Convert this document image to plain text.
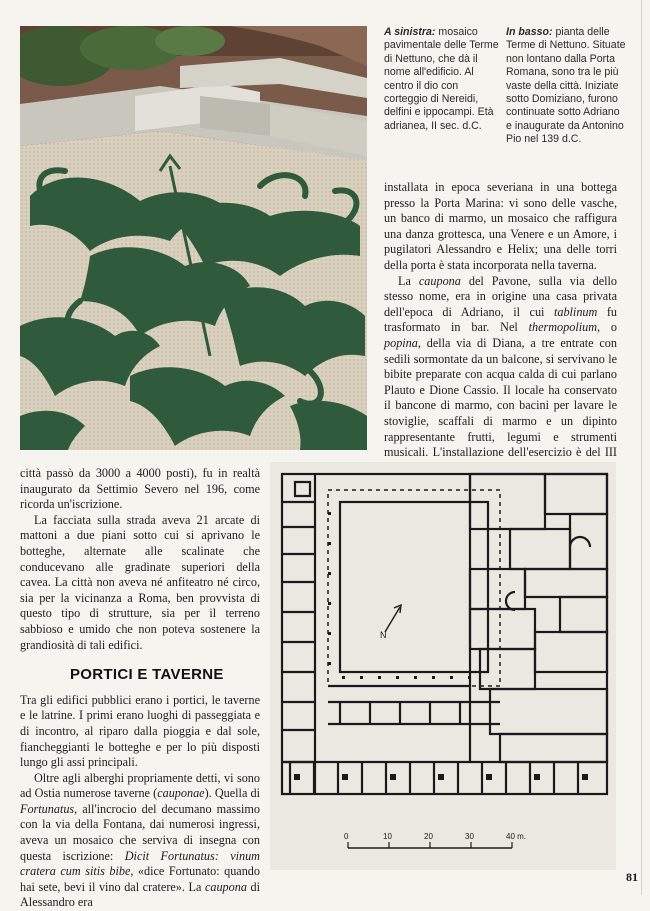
A sinistra: mosaico pavimentale delle Terme di Nettuno, che dà il nome all'edificio. Al centro il dio con corteggio di Nereidi, delfini e ippocampi. Età adrianea, II sec. d.C.
In basso: pianta delle Terme di Nettuno. Situate non lontano dalla Porta Romana, sono tra le più vaste della città. Iniziate sotto Domiziano, furono continuate sotto Adriano e inaugurate da Antonino Pio nel 139 d.C.

installata in epoca severiana in una bottega presso la Porta Marina: vi sono delle vasche, un banco di marmo, un mosaico che raffigura una danza grottesca, una Venere e un Amore, i pugilatori Alessandro e Helix; una delle torri della porta è stata incorporata nella taverna.

La caupona del Pavone, sulla via dello stesso nome, era in origine una casa privata dell'epoca di Adriano, il cui tablinum fu trasformato in bar. Nel thermopolium, o popina, della via di Diana, a tre entrate con sedili sormontate da un balcone, si servivano le bibite preparate con acqua calda di cui parlano Plauto e Dione Cassio. Il locale ha conservato il bancone di marmo, con bacini per lavare le stoviglie, scaffali di marmo e un dipinto rappresentante frutti, legumi e strumenti musicali. L'installazione dell'esercizio è del III

città passò da 3000 a 4000 posti), fu in realtà inaugurato da Settimio Severo nel 196, come ricorda un'iscrizione.

La facciata sulla strada aveva 21 arcate di mattoni a due piani sotto cui si aprivano le botteghe, alternate alle scalinate che conducevano alle gradinate superiori della cavea. La città non aveva né anfiteatro né circo, sia per la vicinanza a Roma, ben provvista di questo tipo di strutture, sia per il terreno sabbioso e umido che non poteva sostenere la grandiosità di tali edifici.

PORTICI E TAVERNE

Tra gli edifici pubblici erano i portici, le taverne e le latrine. I primi erano luoghi di passeggiata e di incontro, al riparo dalla pioggia e dal sole, fiancheggianti le botteghe e per lo più disposti lungo gli assi principali.

Oltre agli alberghi propriamente detti, vi sono ad Ostia numerose taverne (cauponae). Quella di Fortunatus, all'incrocio del decumano massimo con la via della Fontana, dai numerosi ingressi, aveva un mosaico che serviva di insegna con questa iscrizione: Dicit Fortunatus: vinum cratera cum sitis bibe, «dice Fortunato: quando hai sete, bevi il vino dal cratere». La caupona di Alessandro era

N
0	10	20	30	40 m.
81
